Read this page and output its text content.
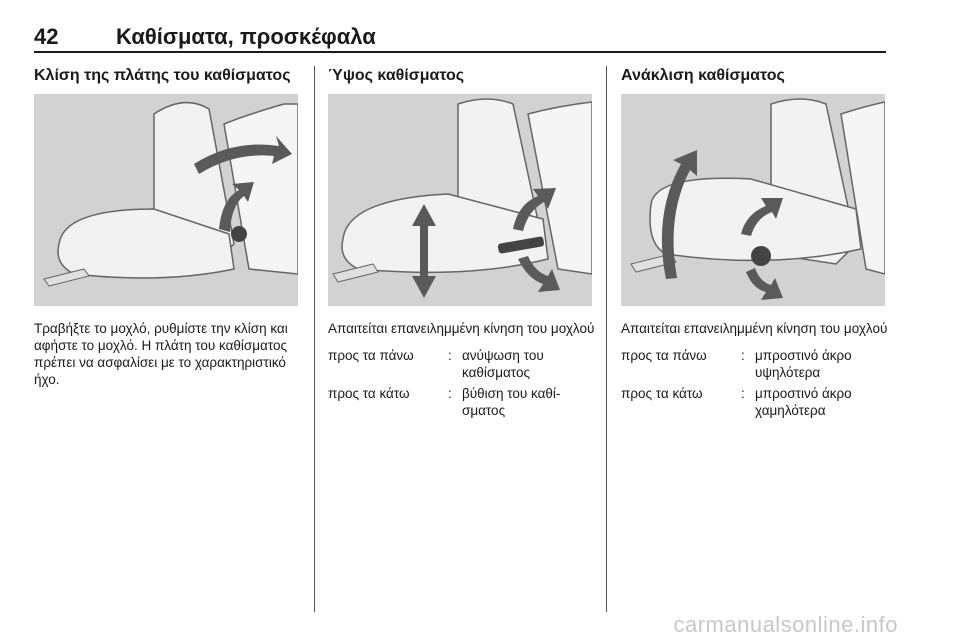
42	Καθίσματα, προσκέφαλα
Κλίση της πλάτης του καθίσματος
Τραβήξτε το μοχλό, ρυθμίστε την κλίση και αφήστε το μοχλό. Η πλάτη του καθίσματος πρέπει να ασφαλίσει με το χαρακτηριστικό ήχο.
Ύψος καθίσματος
Απαιτείται επανειλημμένη κίνηση του μοχλού
προς τα πάνω	: ανύψωση του καθίσματος
προς τα κάτω	: βύθιση του καθί-σματος
Ανάκλιση καθίσματος
Απαιτείται επανειλημμένη κίνηση του μοχλού
προς τα πάνω	: μπροστινό άκρο υψηλότερα
προς τα κάτω	: μπροστινό άκρο χαμηλότερα
carmanualsonline.info
